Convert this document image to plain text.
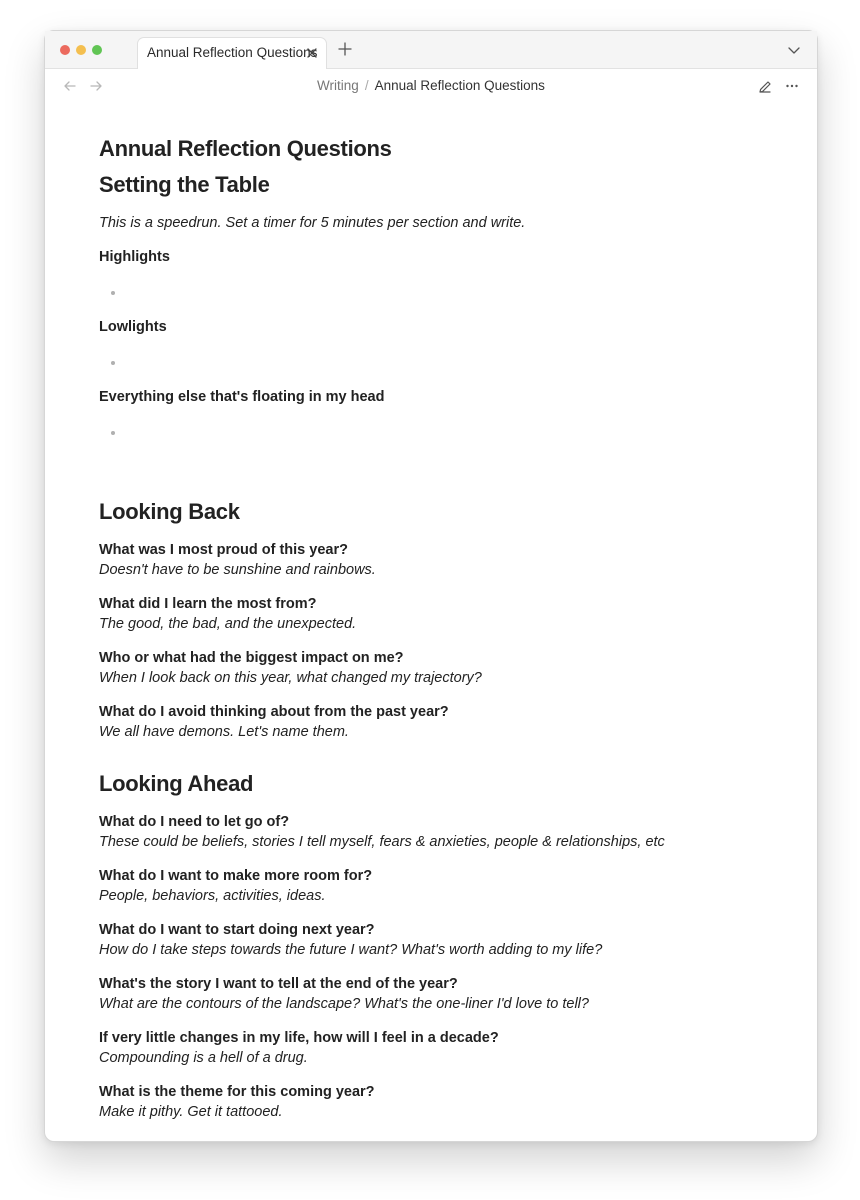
Annual Reflection Questions
Writing / Annual Reflection Questions
Annual Reflection Questions
Setting the Table
This is a speedrun. Set a timer for 5 minutes per section and write.
Highlights
Lowlights
Everything else that's floating in my head
Looking Back
What was I most proud of this year?
Doesn't have to be sunshine and rainbows.
What did I learn the most from?
The good, the bad, and the unexpected.
Who or what had the biggest impact on me?
When I look back on this year, what changed my trajectory?
What do I avoid thinking about from the past year?
We all have demons. Let's name them.
Looking Ahead
What do I need to let go of?
These could be beliefs, stories I tell myself, fears & anxieties, people & relationships, etc
What do I want to make more room for?
People, behaviors, activities, ideas.
What do I want to start doing next year?
How do I take steps towards the future I want? What's worth adding to my life?
What's the story I want to tell at the end of the year?
What are the contours of the landscape? What's the one-liner I'd love to tell?
If very little changes in my life, how will I feel in a decade?
Compounding is a hell of a drug.
What is the theme for this coming year?
Make it pithy. Get it tattooed.
